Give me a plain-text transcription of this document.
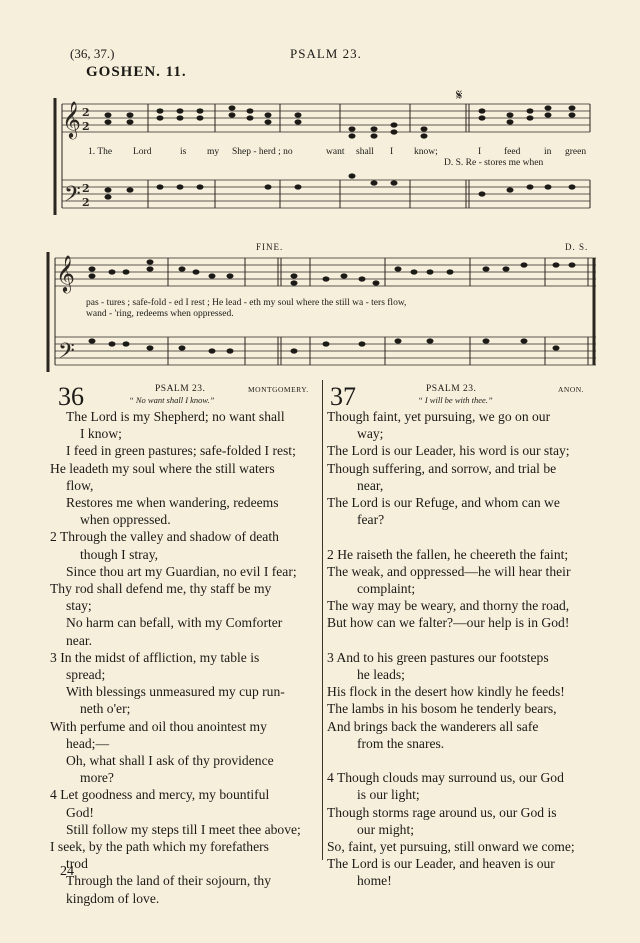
(36, 37.)	PSALM 23.
GOSHEN. 11.
𝄞
𝄢
2
2
2
2
𝄞
𝄢
𝄋
FINE.	D. S.
1. The Lord	is my Shep - herd ; no	want shall I know;	I feed in green
D. S. Re - stores me when
pas - tures ; safe-fold - ed I rest ; He lead - eth my soul where the still wa - ters flow,
wand - 'ring, redeems when oppressed.
36	PSALM 23.	MONTGOMERY.
“ No want shall I know.”	37	PSALM 23.	ANON.
“ I will be with thee.”
The Lord is my Shepherd; no want shall
I know;
I feed in green pastures; safe-folded I rest;
He leadeth my soul where the still waters
flow,
Restores me when wandering, redeems
when oppressed.
2 Through the valley and shadow of death
though I stray,
Since thou art my Guardian, no evil I fear;
Thy rod shall defend me, thy staff be my
stay;
No harm can befall, with my Comforter
near.
3 In the midst of affliction, my table is
spread;
With blessings unmeasured my cup run-
neth o'er;
With perfume and oil thou anointest my
head;—
Oh, what shall I ask of thy providence
more?
4 Let goodness and mercy, my bountiful
God!
Still follow my steps till I meet thee above;
I seek, by the path which my forefathers
trod
Through the land of their sojourn, thy
kingdom of love.
Though faint, yet pursuing, we go on our
way;
The Lord is our Leader, his word is our stay;
Though suffering, and sorrow, and trial be
near,
The Lord is our Refuge, and whom can we
fear?

2 He raiseth the fallen, he cheereth the faint;
The weak, and oppressed—he will hear their
complaint;
The way may be weary, and thorny the road,
But how can we falter?—our help is in God!

3 And to his green pastures our footsteps
he leads;
His flock in the desert how kindly he feeds!
The lambs in his bosom he tenderly bears,
And brings back the wanderers all safe
from the snares.

4 Though clouds may surround us, our God
is our light;
Though storms rage around us, our God is
our might;
So, faint, yet pursuing, still onward we come;
The Lord is our Leader, and heaven is our
home!
24
